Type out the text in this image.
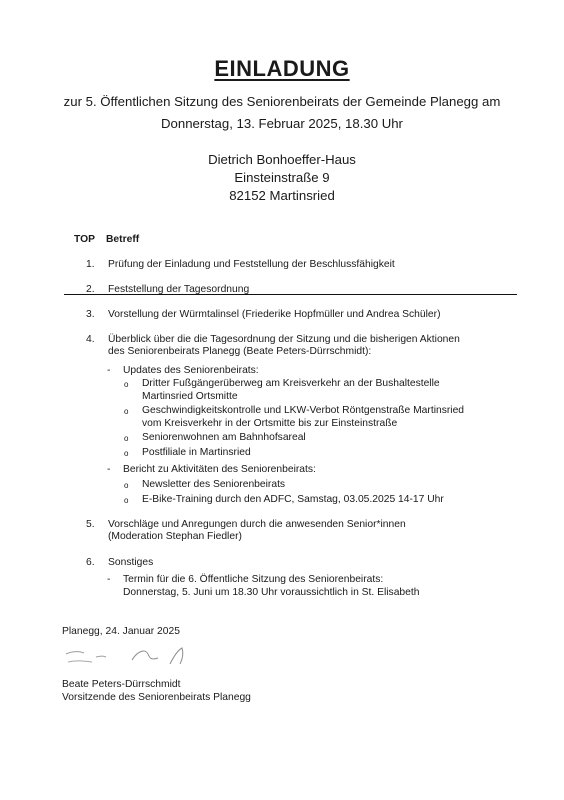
EINLADUNG
zur 5. Öffentlichen Sitzung des Seniorenbeirats der Gemeinde Planegg am
Donnerstag, 13. Februar 2025, 18.30 Uhr
Dietrich Bonhoeffer-Haus
Einsteinstraße 9
82152 Martinsried
TOP Betreff
1. Prüfung der Einladung und Feststellung der Beschlussfähigkeit
2. Feststellung der Tagesordnung
3. Vorstellung der Würmtalinsel (Friederike Hopfmüller und Andrea Schüler)
4. Überblick über die die Tagesordnung der Sitzung und die bisherigen Aktionen
des Seniorenbeirats Planegg (Beate Peters-Dürrschmidt):
- Updates des Seniorenbeirats:
o Dritter Fußgängerüberweg am Kreisverkehr an der Bushaltestelle
Martinsried Ortsmitte
o Geschwindigkeitskontrolle und LKW-Verbot Röntgenstraße Martinsried
vom Kreisverkehr in der Ortsmitte bis zur Einsteinstraße
o Seniorenwohnen am Bahnhofsareal
o Postfiliale in Martinsried
- Bericht zu Aktivitäten des Seniorenbeirats:
o Newsletter des Seniorenbeirats
o E-Bike-Training durch den ADFC, Samstag, 03.05.2025 14-17 Uhr
5. Vorschläge und Anregungen durch die anwesenden Senior*innen
(Moderation Stephan Fiedler)
6. Sonstiges
- Termin für die 6. Öffentliche Sitzung des Seniorenbeirats:
Donnerstag, 5. Juni um 18.30 Uhr voraussichtlich in St. Elisabeth
Planegg, 24. Januar 2025
Beate Peters-Dürrschmidt
Vorsitzende des Seniorenbeirats Planegg
